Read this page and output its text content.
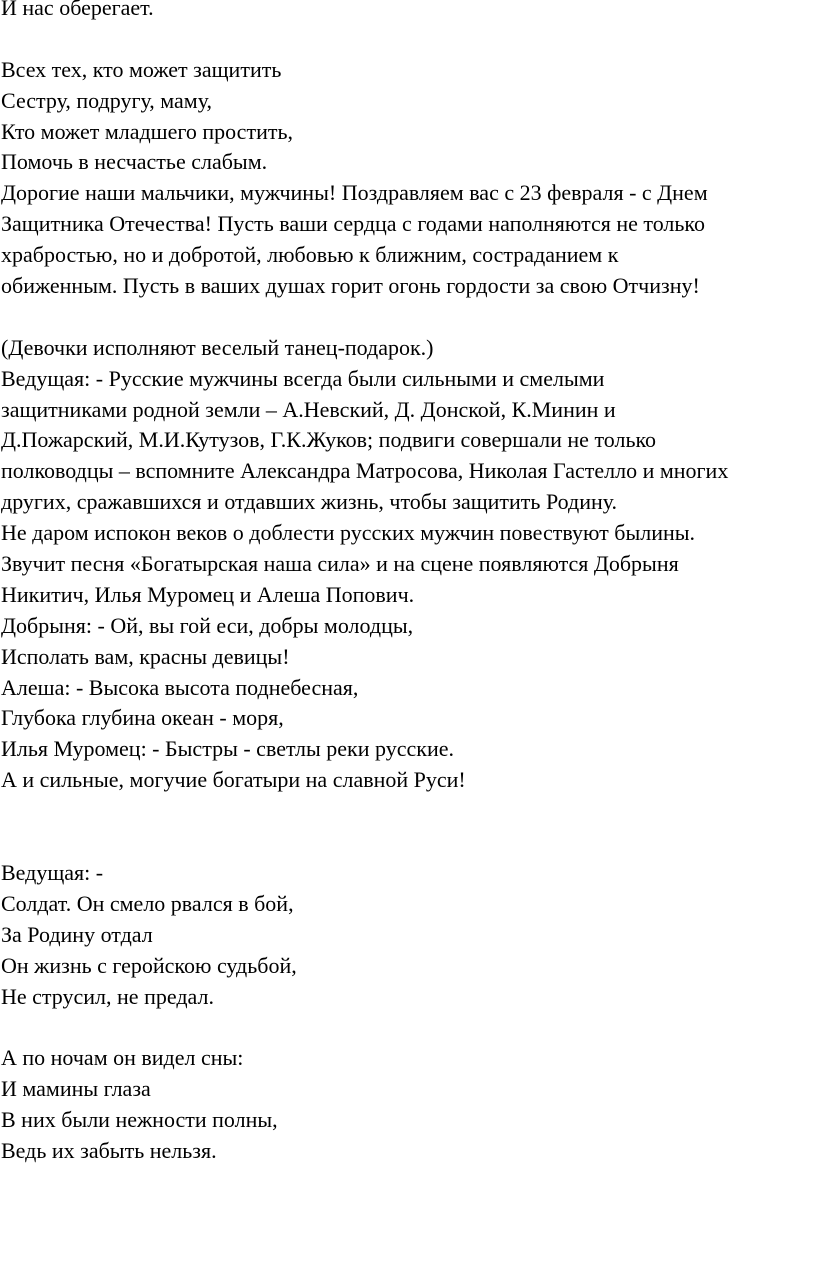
И нас оберегает.
Всех тех, кто может защитить
Сестру, подругу, маму,
Кто может младшего простить,
Помочь в несчастье слабым.
Дорогие наши мальчики, мужчины! Поздравляем вас с 23 февраля - с Днем
Защитника Отечества! Пусть ваши сердца с годами наполняются не только
храбростью, но и добротой, любовью к ближним, состраданием к
обиженным. Пусть в ваших душах горит огонь гордости за свою Отчизну!
(Девочки исполняют веселый танец-подарок.)
Ведущая: - Русские мужчины всегда были сильными и смелыми
защитниками родной земли – А.Невский, Д. Донской, К.Минин и
Д.Пожарский, М.И.Кутузов, Г.К.Жуков; подвиги совершали не только
полководцы – вспомните Александра Матросова, Николая Гастелло и многих
других, сражавшихся и отдавших жизнь, чтобы защитить Родину.
Не даром испокон веков о доблести русских мужчин повествуют былины.
Звучит песня «Богатырская наша сила» и на сцене появляются Добрыня
Никитич, Илья Муромец и Алеша Попович.
Добрыня: - Ой, вы гой еси, добры молодцы,
Исполать вам, красны девицы!
Алеша: - Высока высота поднебесная,
Глубока глубина океан - моря,
Илья Муромец: - Быстры - светлы реки русские.
А и сильные, могучие богатыри на славной Руси!
Ведущая: -
Солдат. Он смело рвался в бой,
За Родину отдал
Он жизнь с геройскою судьбой,
Не струсил, не предал.
А по ночам он видел сны:
И мамины глаза
В них были нежности полны,
Ведь их забыть нельзя.
